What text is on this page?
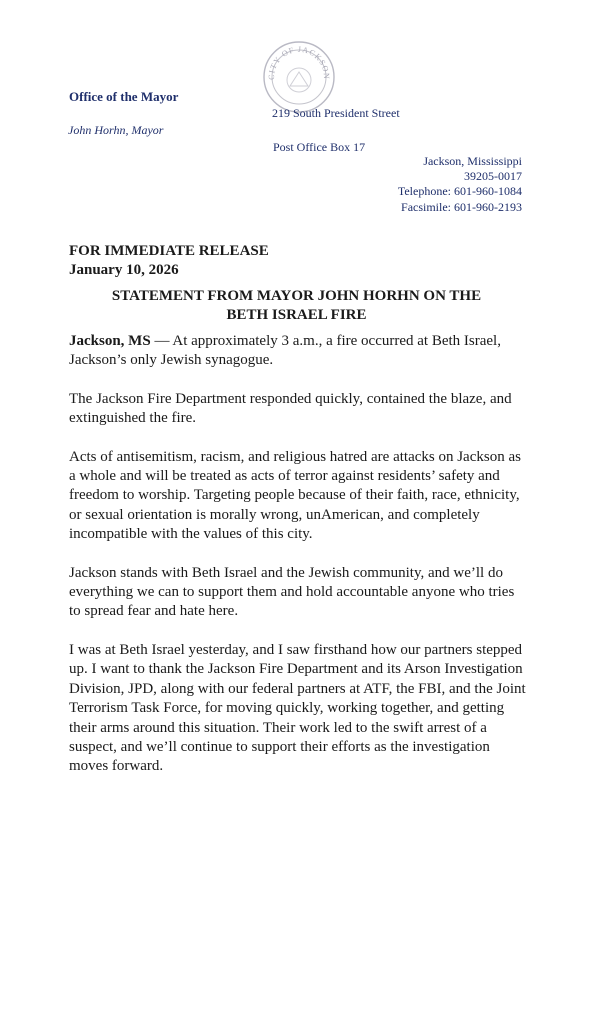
Office of the Mayor
John Horhn, Mayor
CITY OF JACKSON
219 South President Street
Post Office Box 17
Jackson, Mississippi
39205-0017
Telephone: 601-960-1084
Facsimile: 601-960-2193
FOR IMMEDIATE RELEASE
January 10, 2026
STATEMENT FROM MAYOR JOHN HORHN ON THE
BETH ISRAEL FIRE

Jackson, MS — At approximately 3 a.m., a fire occurred at Beth Israel, Jackson’s only Jewish synagogue.

The Jackson Fire Department responded quickly, contained the blaze, and extinguished the fire.

Acts of antisemitism, racism, and religious hatred are attacks on Jackson as a whole and will be treated as acts of terror against residents’ safety and freedom to worship. Targeting people because of their faith, race, ethnicity, or sexual orientation is morally wrong, unAmerican, and completely incompatible with the values of this city.

Jackson stands with Beth Israel and the Jewish community, and we’ll do everything we can to support them and hold accountable anyone who tries to spread fear and hate here.

I was at Beth Israel yesterday, and I saw firsthand how our partners stepped up. I want to thank the Jackson Fire Department and its Arson Investigation Division, JPD, along with our federal partners at ATF, the FBI, and the Joint Terrorism Task Force, for moving quickly, working together, and getting their arms around this situation. Their work led to the swift arrest of a suspect, and we’ll continue to support their efforts as the investigation moves forward.
